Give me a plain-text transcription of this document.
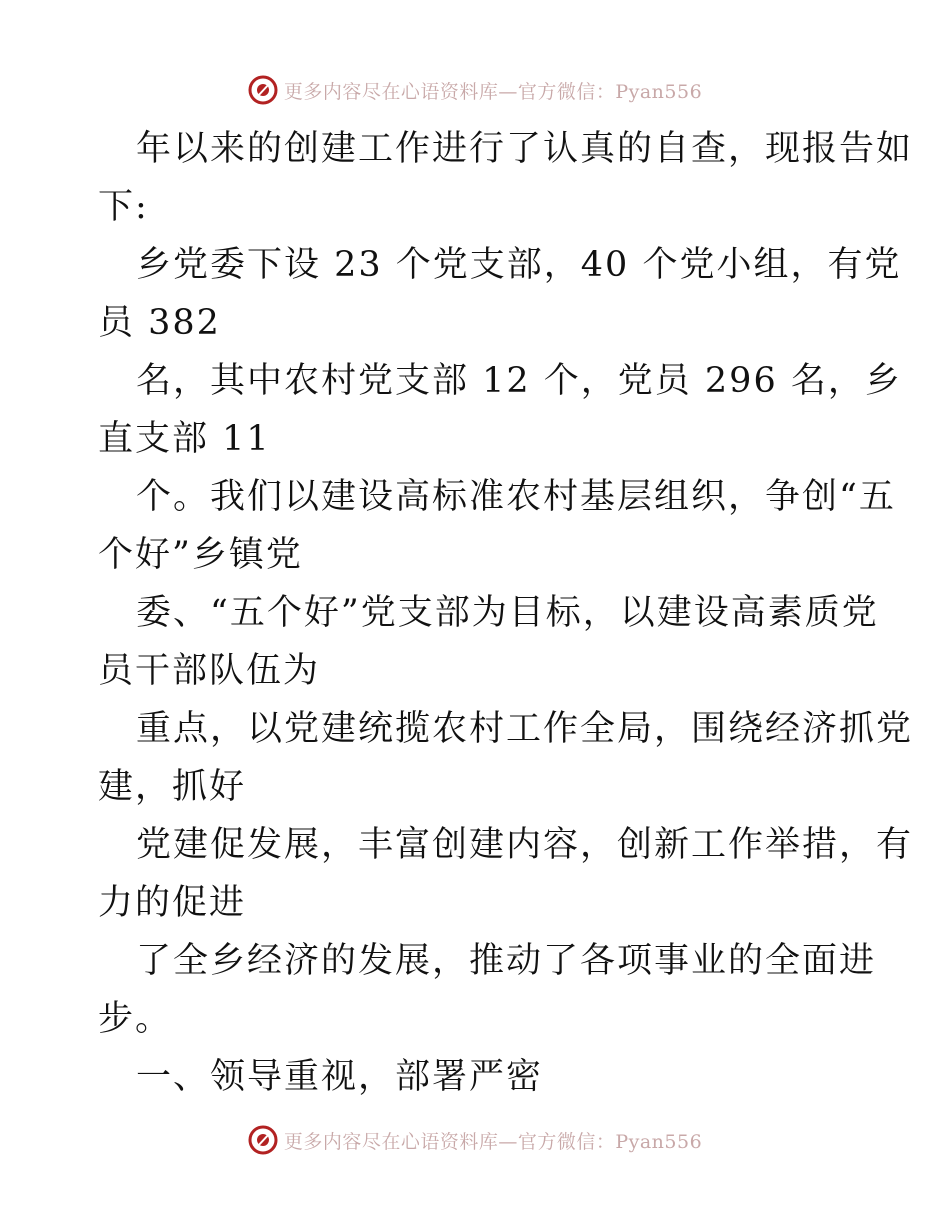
更多内容尽在心语资料库—官方微信：Pyan556

年以来的创建工作进行了认真的自查，现报告如

下:

乡党委下设 23 个党支部，40 个党小组，有党

员 382

名，其中农村党支部 12 个，党员 296 名，乡

直支部 11

个。我们以建设高标准农村基层组织，争创“五

个好”乡镇党

委、“五个好”党支部为目标，以建设高素质党

员干部队伍为

重点，以党建统揽农村工作全局，围绕经济抓党

建，抓好

党建促发展，丰富创建内容，创新工作举措，有

力的促进

了全乡经济的发展，推动了各项事业的全面进

步。

一、领导重视，部署严密

更多内容尽在心语资料库—官方微信：Pyan556
